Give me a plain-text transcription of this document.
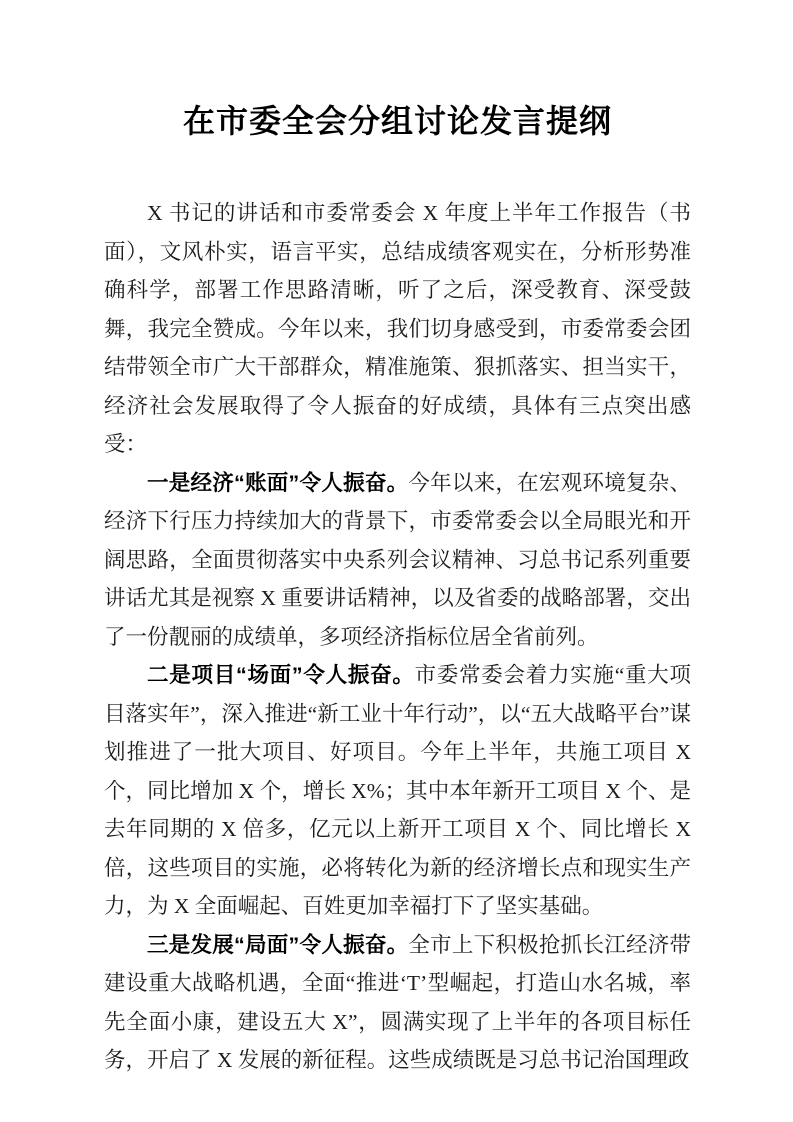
在市委全会分组讨论发言提纲

X 书记的讲话和市委常委会 X 年度上半年工作报告（书面），文风朴实，语言平实，总结成绩客观实在，分析形势准确科学，部署工作思路清晰，听了之后，深受教育、深受鼓舞，我完全赞成。今年以来，我们切身感受到，市委常委会团结带领全市广大干部群众，精准施策、狠抓落实、担当实干，经济社会发展取得了令人振奋的好成绩，具体有三点突出感受：

一是经济“账面”令人振奋。今年以来，在宏观环境复杂、经济下行压力持续加大的背景下，市委常委会以全局眼光和开阔思路，全面贯彻落实中央系列会议精神、习总书记系列重要讲话尤其是视察 X 重要讲话精神，以及省委的战略部署，交出了一份靓丽的成绩单，多项经济指标位居全省前列。

二是项目“场面”令人振奋。市委常委会着力实施“重大项目落实年”，深入推进“新工业十年行动”，以“五大战略平台”谋划推进了一批大项目、好项目。今年上半年，共施工项目 X 个，同比增加 X 个，增长 X%；其中本年新开工项目 X 个、是去年同期的 X 倍多，亿元以上新开工项目 X 个、同比增长 X 倍，这些项目的实施，必将转化为新的经济增长点和现实生产力，为 X 全面崛起、百姓更加幸福打下了坚实基础。

三是发展“局面”令人振奋。全市上下积极抢抓长江经济带建设重大战略机遇，全面“推进‘T’型崛起，打造山水名城，率先全面小康，建设五大 X”，圆满实现了上半年的各项目标任务，开启了 X 发展的新征程。这些成绩既是习总书记治国理政
